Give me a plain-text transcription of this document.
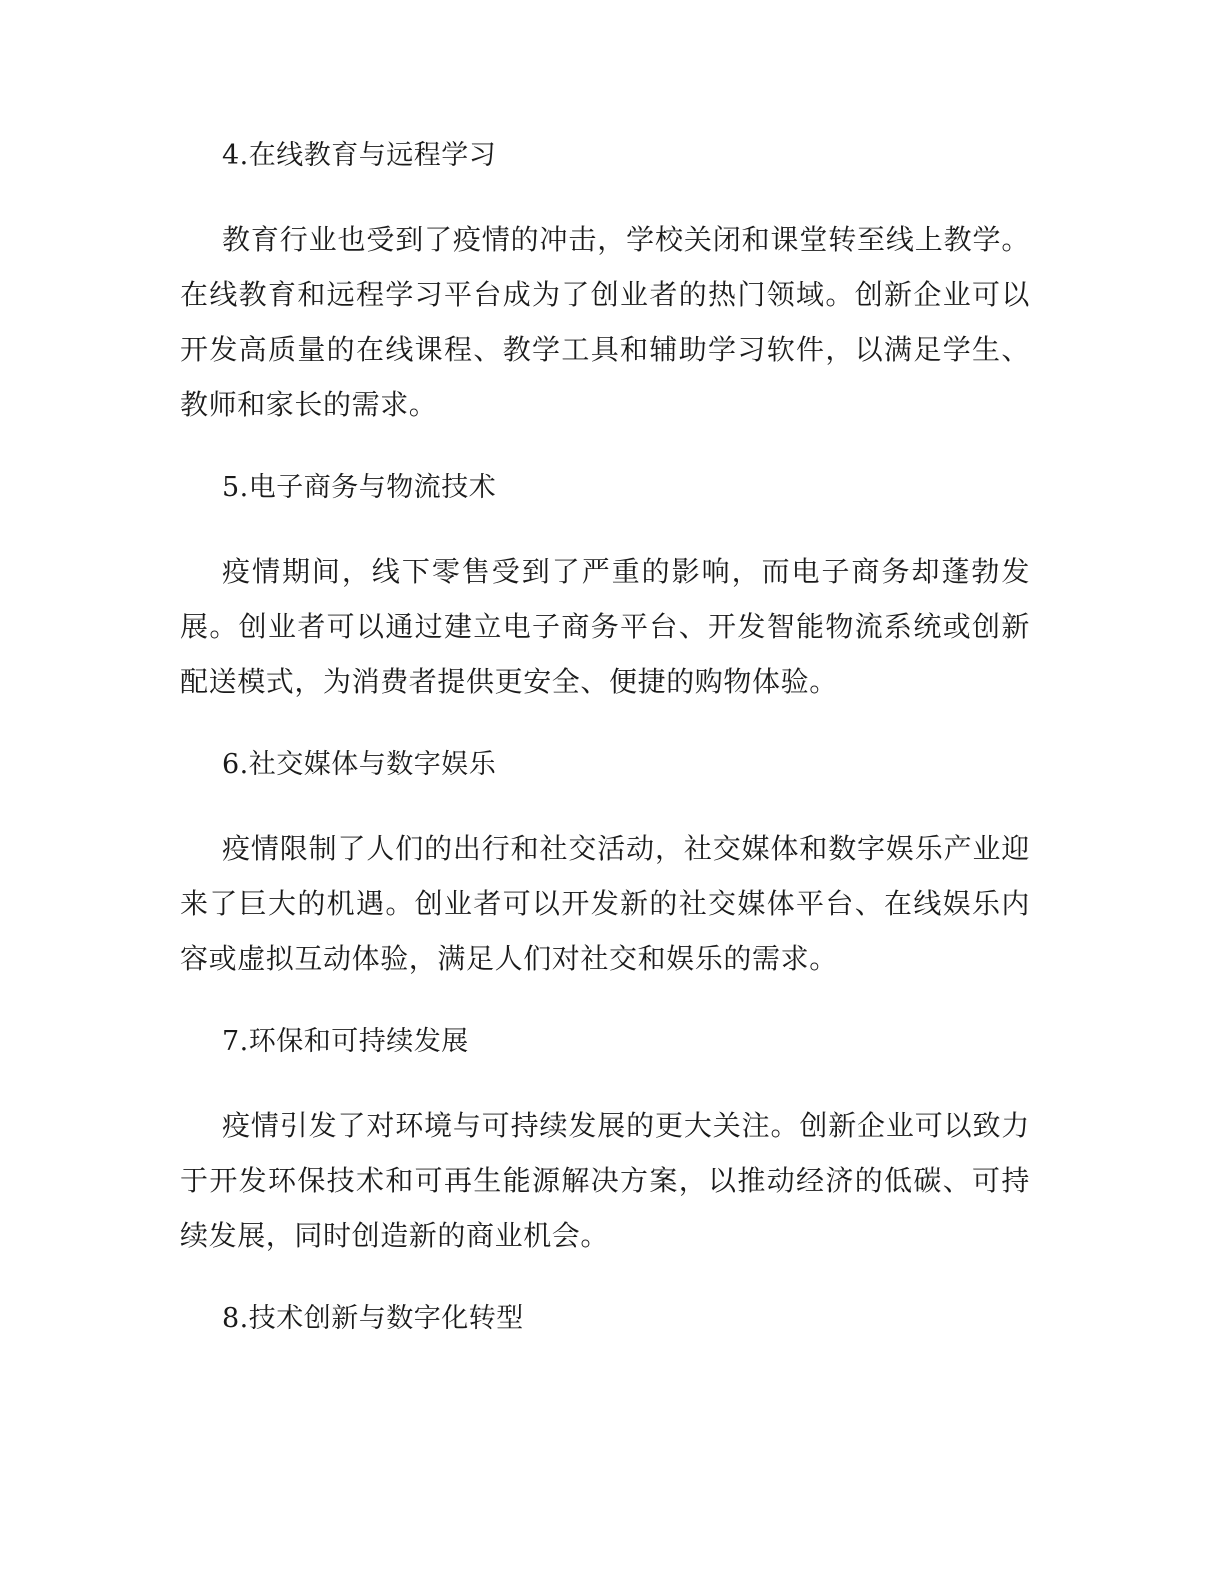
4.在线教育与远程学习

教育行业也受到了疫情的冲击，学校关闭和课堂转至线上教学。在线教育和远程学习平台成为了创业者的热门领域。创新企业可以开发高质量的在线课程、教学工具和辅助学习软件，以满足学生、教师和家长的需求。

5.电子商务与物流技术

疫情期间，线下零售受到了严重的影响，而电子商务却蓬勃发展。创业者可以通过建立电子商务平台、开发智能物流系统或创新配送模式，为消费者提供更安全、便捷的购物体验。

6.社交媒体与数字娱乐

疫情限制了人们的出行和社交活动，社交媒体和数字娱乐产业迎来了巨大的机遇。创业者可以开发新的社交媒体平台、在线娱乐内容或虚拟互动体验，满足人们对社交和娱乐的需求。

7.环保和可持续发展

疫情引发了对环境与可持续发展的更大关注。创新企业可以致力于开发环保技术和可再生能源解决方案，以推动经济的低碳、可持续发展，同时创造新的商业机会。

8.技术创新与数字化转型
